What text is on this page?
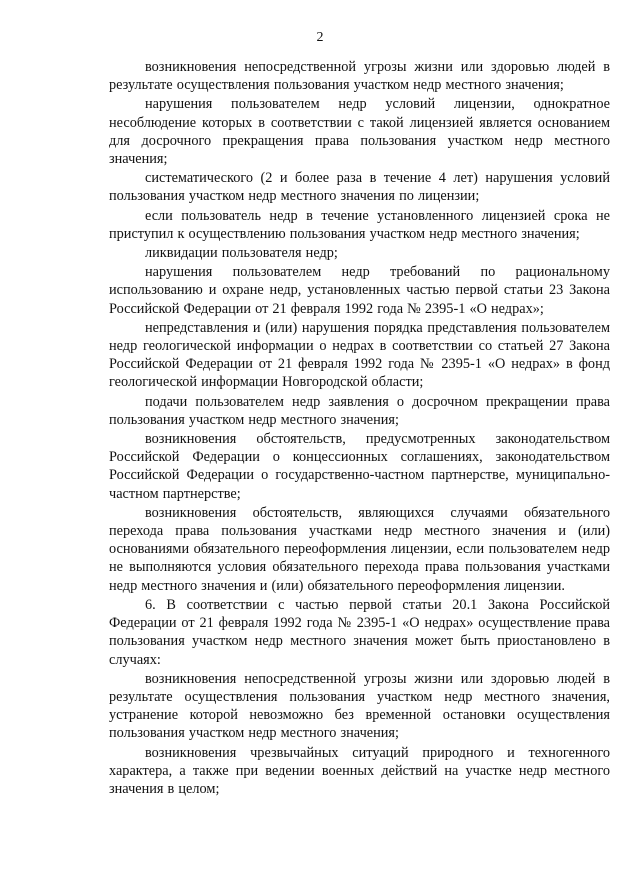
2

возникновения непосредственной угрозы жизни или здоровью людей в результате осуществления пользования участком недр местного значения;

нарушения пользователем недр условий лицензии, однократное несоблюдение которых в соответствии с такой лицензией является основанием для досрочного прекращения права пользования участком недр местного значения;

систематического (2 и более раза в течение 4 лет) нарушения условий пользования участком недр местного значения по лицензии;

если пользователь недр в течение установленного лицензией срока не приступил к осуществлению пользования участком недр местного значения;

ликвидации пользователя недр;

нарушения пользователем недр требований по рациональному использованию и охране недр, установленных частью первой статьи 23 Закона Российской Федерации от 21 февраля 1992 года № 2395-1 «О недрах»;

непредставления и (или) нарушения порядка представления пользователем недр геологической информации о недрах в соответствии со статьей 27 Закона Российской Федерации от 21 февраля 1992 года № 2395-1 «О недрах» в фонд геологической информации Новгородской области;

подачи пользователем недр заявления о досрочном прекращении права пользования участком недр местного значения;

возникновения обстоятельств, предусмотренных законодательством Российской Федерации о концессионных соглашениях, законодательством Российской Федерации о государственно-частном партнерстве, муниципально-частном партнерстве;

возникновения обстоятельств, являющихся случаями обязательного перехода права пользования участками недр местного значения и (или) основаниями обязательного переоформления лицензии, если пользователем недр не выполняются условия обязательного перехода права пользования участками недр местного значения и (или) обязательного переоформления лицензии.

6. В соответствии с частью первой статьи 20.1 Закона Российской Федерации от 21 февраля 1992 года № 2395-1 «О недрах» осуществление права пользования участком недр местного значения может быть приостановлено в случаях:

возникновения непосредственной угрозы жизни или здоровью людей в результате осуществления пользования участком недр местного значения, устранение которой невозможно без временной остановки осуществления пользования участком недр местного значения;

возникновения чрезвычайных ситуаций природного и техногенного характера, а также при ведении военных действий на участке недр местного значения в целом;
